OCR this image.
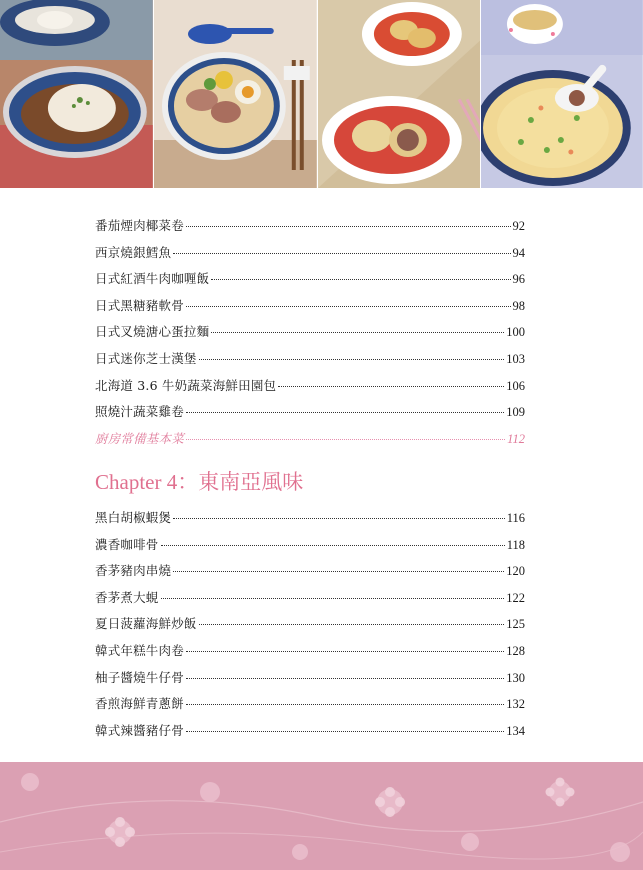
番茄煙肉椰菜卷	92
西京燒銀鱈魚	94
日式紅酒牛肉咖喱飯	96
日式黑糖豬軟骨	98
日式叉燒溏心蛋拉麵	100
日式迷你芝士漢堡	103
北海道 3.6 牛奶蔬菜海鮮田園包	106
照燒汁蔬菜雞卷	109
廚房常備基本菜	112
Chapter 4：東南亞風味
黑白胡椒蝦煲	116
濃香咖啡骨	118
香茅豬肉串燒	120
香茅煮大蜆	122
夏日菠蘿海鮮炒飯	125
韓式年糕牛肉卷	128
柚子醬燒牛仔骨	130
香煎海鮮青蔥餅	132
韓式辣醬豬仔骨	134
